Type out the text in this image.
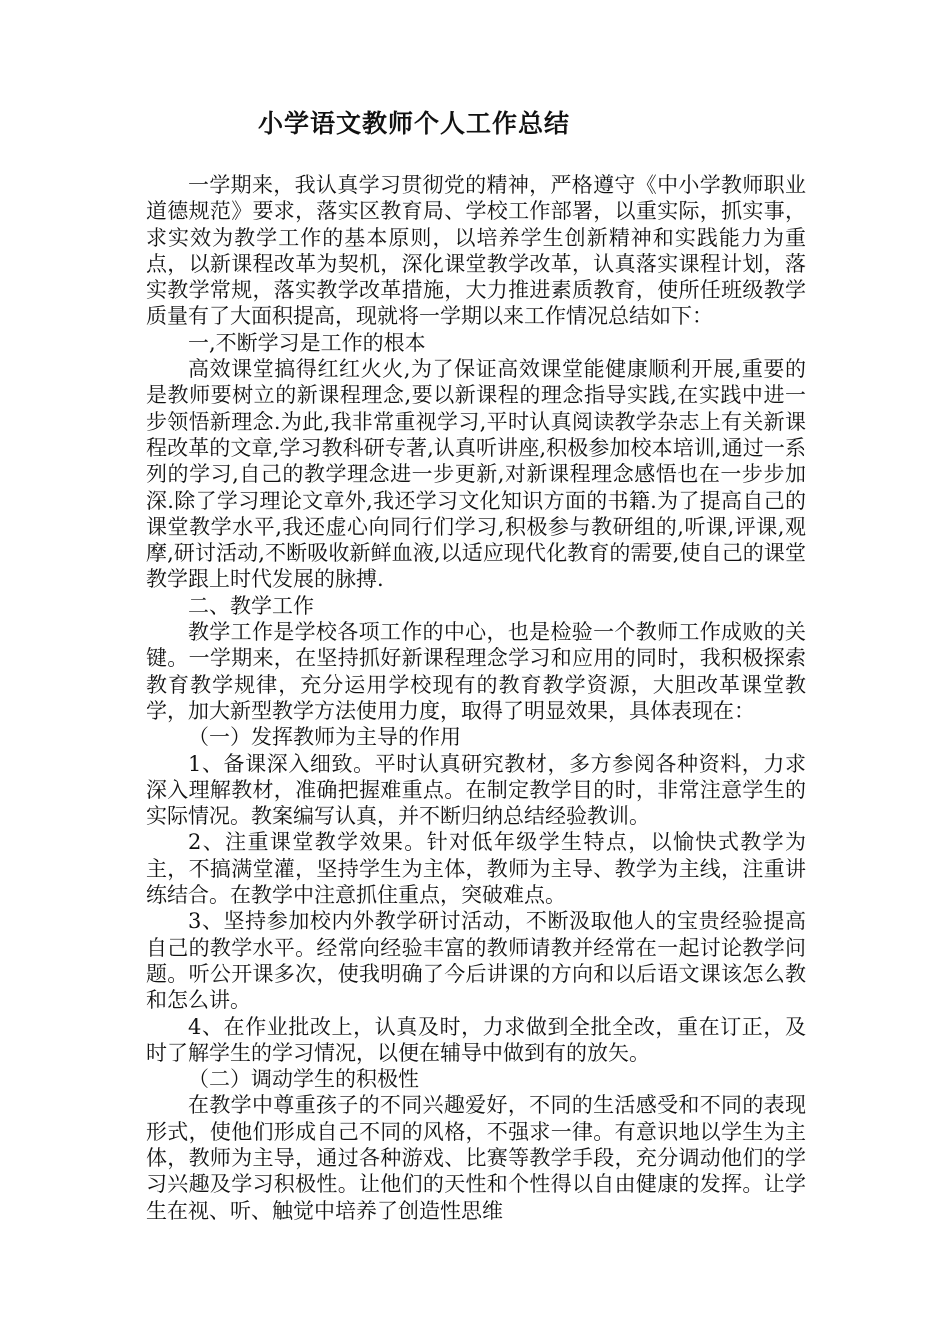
小学语文教师个人工作总结

一学期来，我认真学习贯彻党的精神，严格遵守《中小学教师职业道德规范》要求，落实区教育局、学校工作部署，以重实际，抓实事，求实效为教学工作的基本原则，以培养学生创新精神和实践能力为重点，以新课程改革为契机，深化课堂教学改革，认真落实课程计划，落实教学常规，落实教学改革措施，大力推进素质教育，使所任班级教学质量有了大面积提高，现就将一学期以来工作情况总结如下：

一,不断学习是工作的根本

高效课堂搞得红红火火,为了保证高效课堂能健康顺利开展,重要的是教师要树立的新课程理念,要以新课程的理念指导实践,在实践中进一步领悟新理念.为此,我非常重视学习,平时认真阅读教学杂志上有关新课程改革的文章,学习教科研专著,认真听讲座,积极参加校本培训,通过一系列的学习,自己的教学理念进一步更新,对新课程理念感悟也在一步步加深.除了学习理论文章外,我还学习文化知识方面的书籍.为了提高自己的课堂教学水平,我还虚心向同行们学习,积极参与教研组的,听课,评课,观摩,研讨活动,不断吸收新鲜血液,以适应现代化教育的需要,使自己的课堂教学跟上时代发展的脉搏.

二、教学工作

教学工作是学校各项工作的中心，也是检验一个教师工作成败的关键。一学期来，在坚持抓好新课程理念学习和应用的同时，我积极探索教育教学规律，充分运用学校现有的教育教学资源，大胆改革课堂教学，加大新型教学方法使用力度，取得了明显效果，具体表现在：

（一）发挥教师为主导的作用

1、备课深入细致。平时认真研究教材，多方参阅各种资料，力求深入理解教材，准确把握难重点。在制定教学目的时，非常注意学生的实际情况。教案编写认真，并不断归纳总结经验教训。

2、注重课堂教学效果。针对低年级学生特点，以愉快式教学为主，不搞满堂灌，坚持学生为主体，教师为主导、教学为主线，注重讲练结合。在教学中注意抓住重点，突破难点。

3、坚持参加校内外教学研讨活动，不断汲取他人的宝贵经验提高自己的教学水平。经常向经验丰富的教师请教并经常在一起讨论教学问题。听公开课多次，使我明确了今后讲课的方向和以后语文课该怎么教和怎么讲。

4、在作业批改上，认真及时，力求做到全批全改，重在订正，及时了解学生的学习情况，以便在辅导中做到有的放矢。

（二）调动学生的积极性

在教学中尊重孩子的不同兴趣爱好，不同的生活感受和不同的表现形式，使他们形成自己不同的风格，不强求一律。有意识地以学生为主体，教师为主导，通过各种游戏、比赛等教学手段，充分调动他们的学习兴趣及学习积极性。让他们的天性和个性得以自由健康的发挥。让学生在视、听、触觉中培养了创造性思维
